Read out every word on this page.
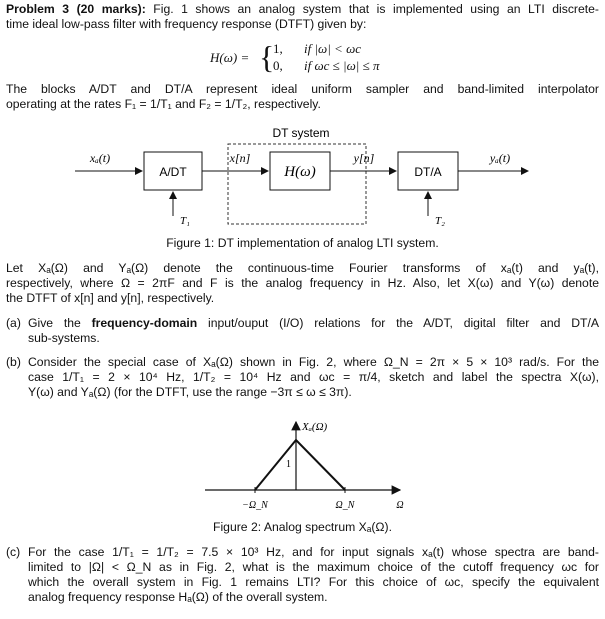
Problem 3 (20 marks): Fig. 1 shows an analog system that is implemented using an LTI discrete-
time ideal low-pass filter with frequency response (DTFT) given by:
H(ω) = {
1, if |ω| < ωc
0, if ωc ≤ |ω| ≤ π
The blocks A/DT and DT/A represent ideal uniform sampler and band-limited interpolator
operating at the rates F₁ = 1/T₁ and F₂ = 1/T₂, respectively.
DT system
xₐ(t)
A/DT
x[n]
H(ω)
y[n]
DT/A
yₐ(t)
T₁	T₂
Figure 1: DT implementation of analog LTI system.
Let Xₐ(Ω) and Yₐ(Ω) denote the continuous-time Fourier transforms of xₐ(t) and yₐ(t),
respectively, where Ω = 2πF and F is the analog frequency in Hz. Also, let X(ω) and Y(ω) denote
the DTFT of x[n] and y[n], respectively.
(a) Give the frequency-domain input/ouput (I/O) relations for the A/DT, digital filter and DT/A
sub-systems.
(b) Consider the special case of Xₐ(Ω) shown in Fig. 2, where Ω_N = 2π × 5 × 10³ rad/s. For the
case 1/T₁ = 2 × 10⁴ Hz, 1/T₂ = 10⁴ Hz and ωc = π/4, sketch and label the spectra X(ω),
Y(ω) and Yₐ(Ω) (for the DTFT, use the range −3π ≤ ω ≤ 3π).
Xₐ(Ω)
1
−Ω_N	Ω_N	Ω
Figure 2: Analog spectrum Xₐ(Ω).
(c) For the case 1/T₁ = 1/T₂ = 7.5 × 10³ Hz, and for input signals xₐ(t) whose spectra are band-
limited to |Ω| < Ω_N as in Fig. 2, what is the maximum choice of the cutoff frequency ωc for
which the overall system in Fig. 1 remains LTI? For this choice of ωc, specify the equivalent
analog frequency response Hₐ(Ω) of the overall system.
